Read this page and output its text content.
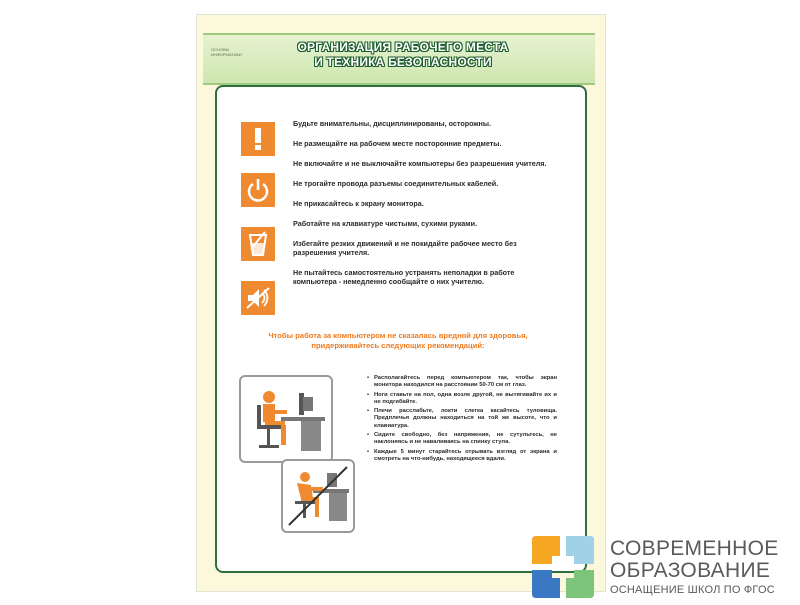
ОСНОВЫ ИНФОРМАТИКИ
ОРГАНИЗАЦИЯ РАБОЧЕГО МЕСТА
И ТЕХНИКА БЕЗОПАСНОСТИ

Будьте внимательны, дисциплинированы, осторожны.

Не размещайте на рабочем месте посторонние предметы.

Не включайте и не выключайте компьютеры без разрешения учителя.

Не трогайте провода разъемы соединительных кабелей.

Не прикасайтесь к экрану монитора.

Работайте на клавиатуре чистыми, сухими руками.

Избегайте резких движений и не покидайте рабочее место без разрешения учителя.

Не пытайтесь самостоятельно устранять неполадки в работе компьютера - немедленно сообщайте о них учителю.

Чтобы работа за компьютером не сказалась вредной для здоровья, придерживайтесь следующих рекомендаций:
• Располагайтесь перед компьютером так, чтобы экран монитора находился на расстоянии 50-70 см от глаз.
• Ноги ставьте на пол, одна возле другой, не вытягивайте их и не подгибайте.
• Плечи расслабьте, локти слегка касайтесь туловища. Предплечья должны находиться на той же высоте, что и клавиатура.
• Сидите свободно, без напряжения, не сутультесь, не наклоняясь и не наваливаясь на спинку стула.
• Каждые 5 минут старайтесь отрывать взгляд от экрана и смотреть на что-нибудь, находящееся вдали.
СОВРЕМЕННОЕ
ОБРАЗОВАНИЕ
ОСНАЩЕНИЕ ШКОЛ ПО ФГОС
